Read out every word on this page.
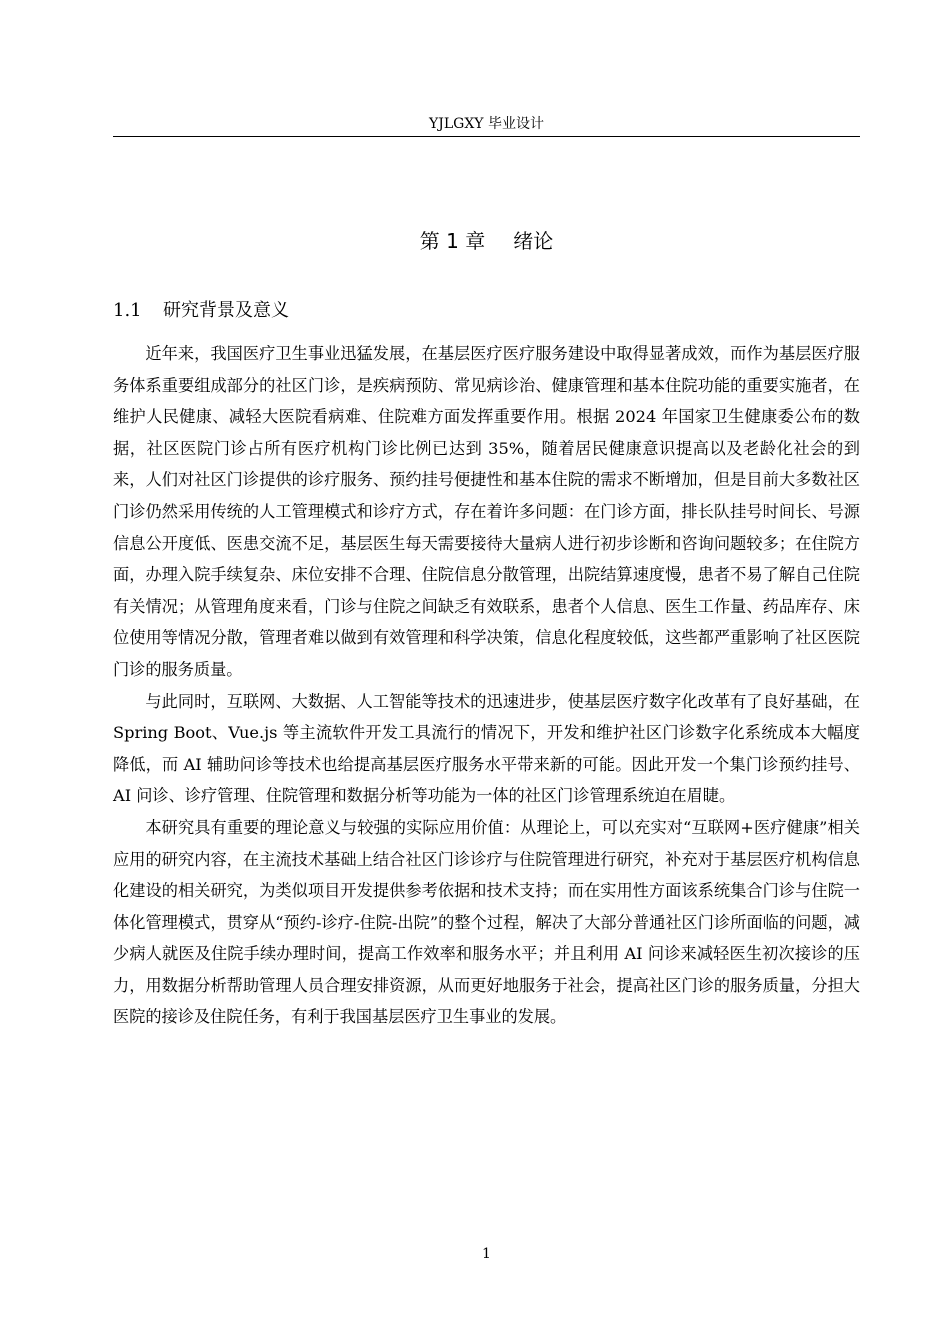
YJLGXY 毕业设计
第 1 章 绪论
1.1 研究背景及意义

近年来，我国医疗卫生事业迅猛发展，在基层医疗医疗服务建设中取得显著成效，而作为基层医疗服务体系重要组成部分的社区门诊，是疾病预防、常见病诊治、健康管理和基本住院功能的重要实施者，在维护人民健康、减轻大医院看病难、住院难方面发挥重要作用。根据 2024 年国家卫生健康委公布的数据，社区医院门诊占所有医疗机构门诊比例已达到 35%，随着居民健康意识提高以及老龄化社会的到来，人们对社区门诊提供的诊疗服务、预约挂号便捷性和基本住院的需求不断增加，但是目前大多数社区门诊仍然采用传统的人工管理模式和诊疗方式，存在着许多问题：在门诊方面，排长队挂号时间长、号源信息公开度低、医患交流不足，基层医生每天需要接待大量病人进行初步诊断和咨询问题较多；在住院方面，办理入院手续复杂、床位安排不合理、住院信息分散管理，出院结算速度慢，患者不易了解自己住院有关情况；从管理角度来看，门诊与住院之间缺乏有效联系，患者个人信息、医生工作量、药品库存、床位使用等情况分散，管理者难以做到有效管理和科学决策，信息化程度较低，这些都严重影响了社区医院门诊的服务质量。

与此同时，互联网、大数据、人工智能等技术的迅速进步，使基层医疗数字化改革有了良好基础，在 Spring Boot、Vue.js 等主流软件开发工具流行的情况下，开发和维护社区门诊数字化系统成本大幅度降低，而 AI 辅助问诊等技术也给提高基层医疗服务水平带来新的可能。因此开发一个集门诊预约挂号、AI 问诊、诊疗管理、住院管理和数据分析等功能为一体的社区门诊管理系统迫在眉睫。

本研究具有重要的理论意义与较强的实际应用价值：从理论上，可以充实对“互联网+医疗健康”相关应用的研究内容，在主流技术基础上结合社区门诊诊疗与住院管理进行研究，补充对于基层医疗机构信息化建设的相关研究，为类似项目开发提供参考依据和技术支持；而在实用性方面该系统集合门诊与住院一体化管理模式，贯穿从“预约-诊疗-住院-出院”的整个过程，解决了大部分普通社区门诊所面临的问题，减少病人就医及住院手续办理时间，提高工作效率和服务水平；并且利用 AI 问诊来减轻医生初次接诊的压力，用数据分析帮助管理人员合理安排资源，从而更好地服务于社会，提高社区门诊的服务质量，分担大医院的接诊及住院任务，有利于我国基层医疗卫生事业的发展。

1
